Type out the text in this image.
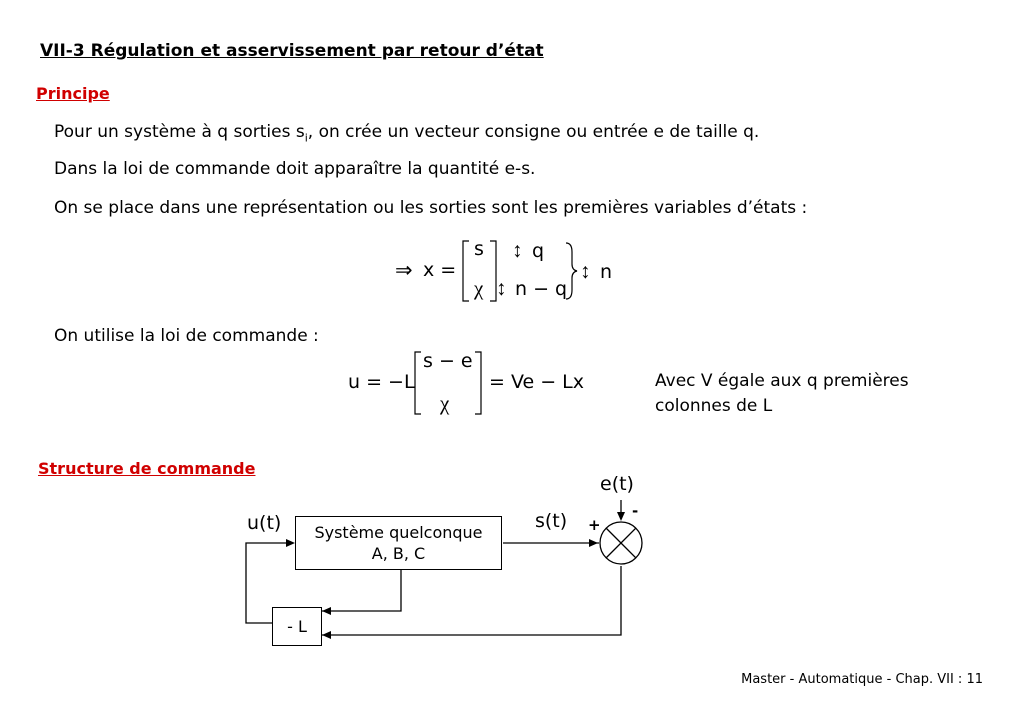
VII-3 Régulation et asservissement par retour d’état
Principe
Pour un système à q sorties $s_i$, on crée un vecteur consigne ou entrée e de taille q.
Dans la loi de commande doit apparaître la quantité e-s.
On se place dans une représentation ou les sorties sont les premières variables d’états :
⇒ x =
s
χ
↕ q
↕ n − q
↕ n
On utilise la loi de commande :
u = −L
s − e
χ
= Ve − Lx	Avec V égale aux q premières
colonnes de L
Structure de commande
Système quelconque
A, B, C
- L
u(t)	s(t)
e(t)
+
-
Master - Automatique - Chap. VII : 11
